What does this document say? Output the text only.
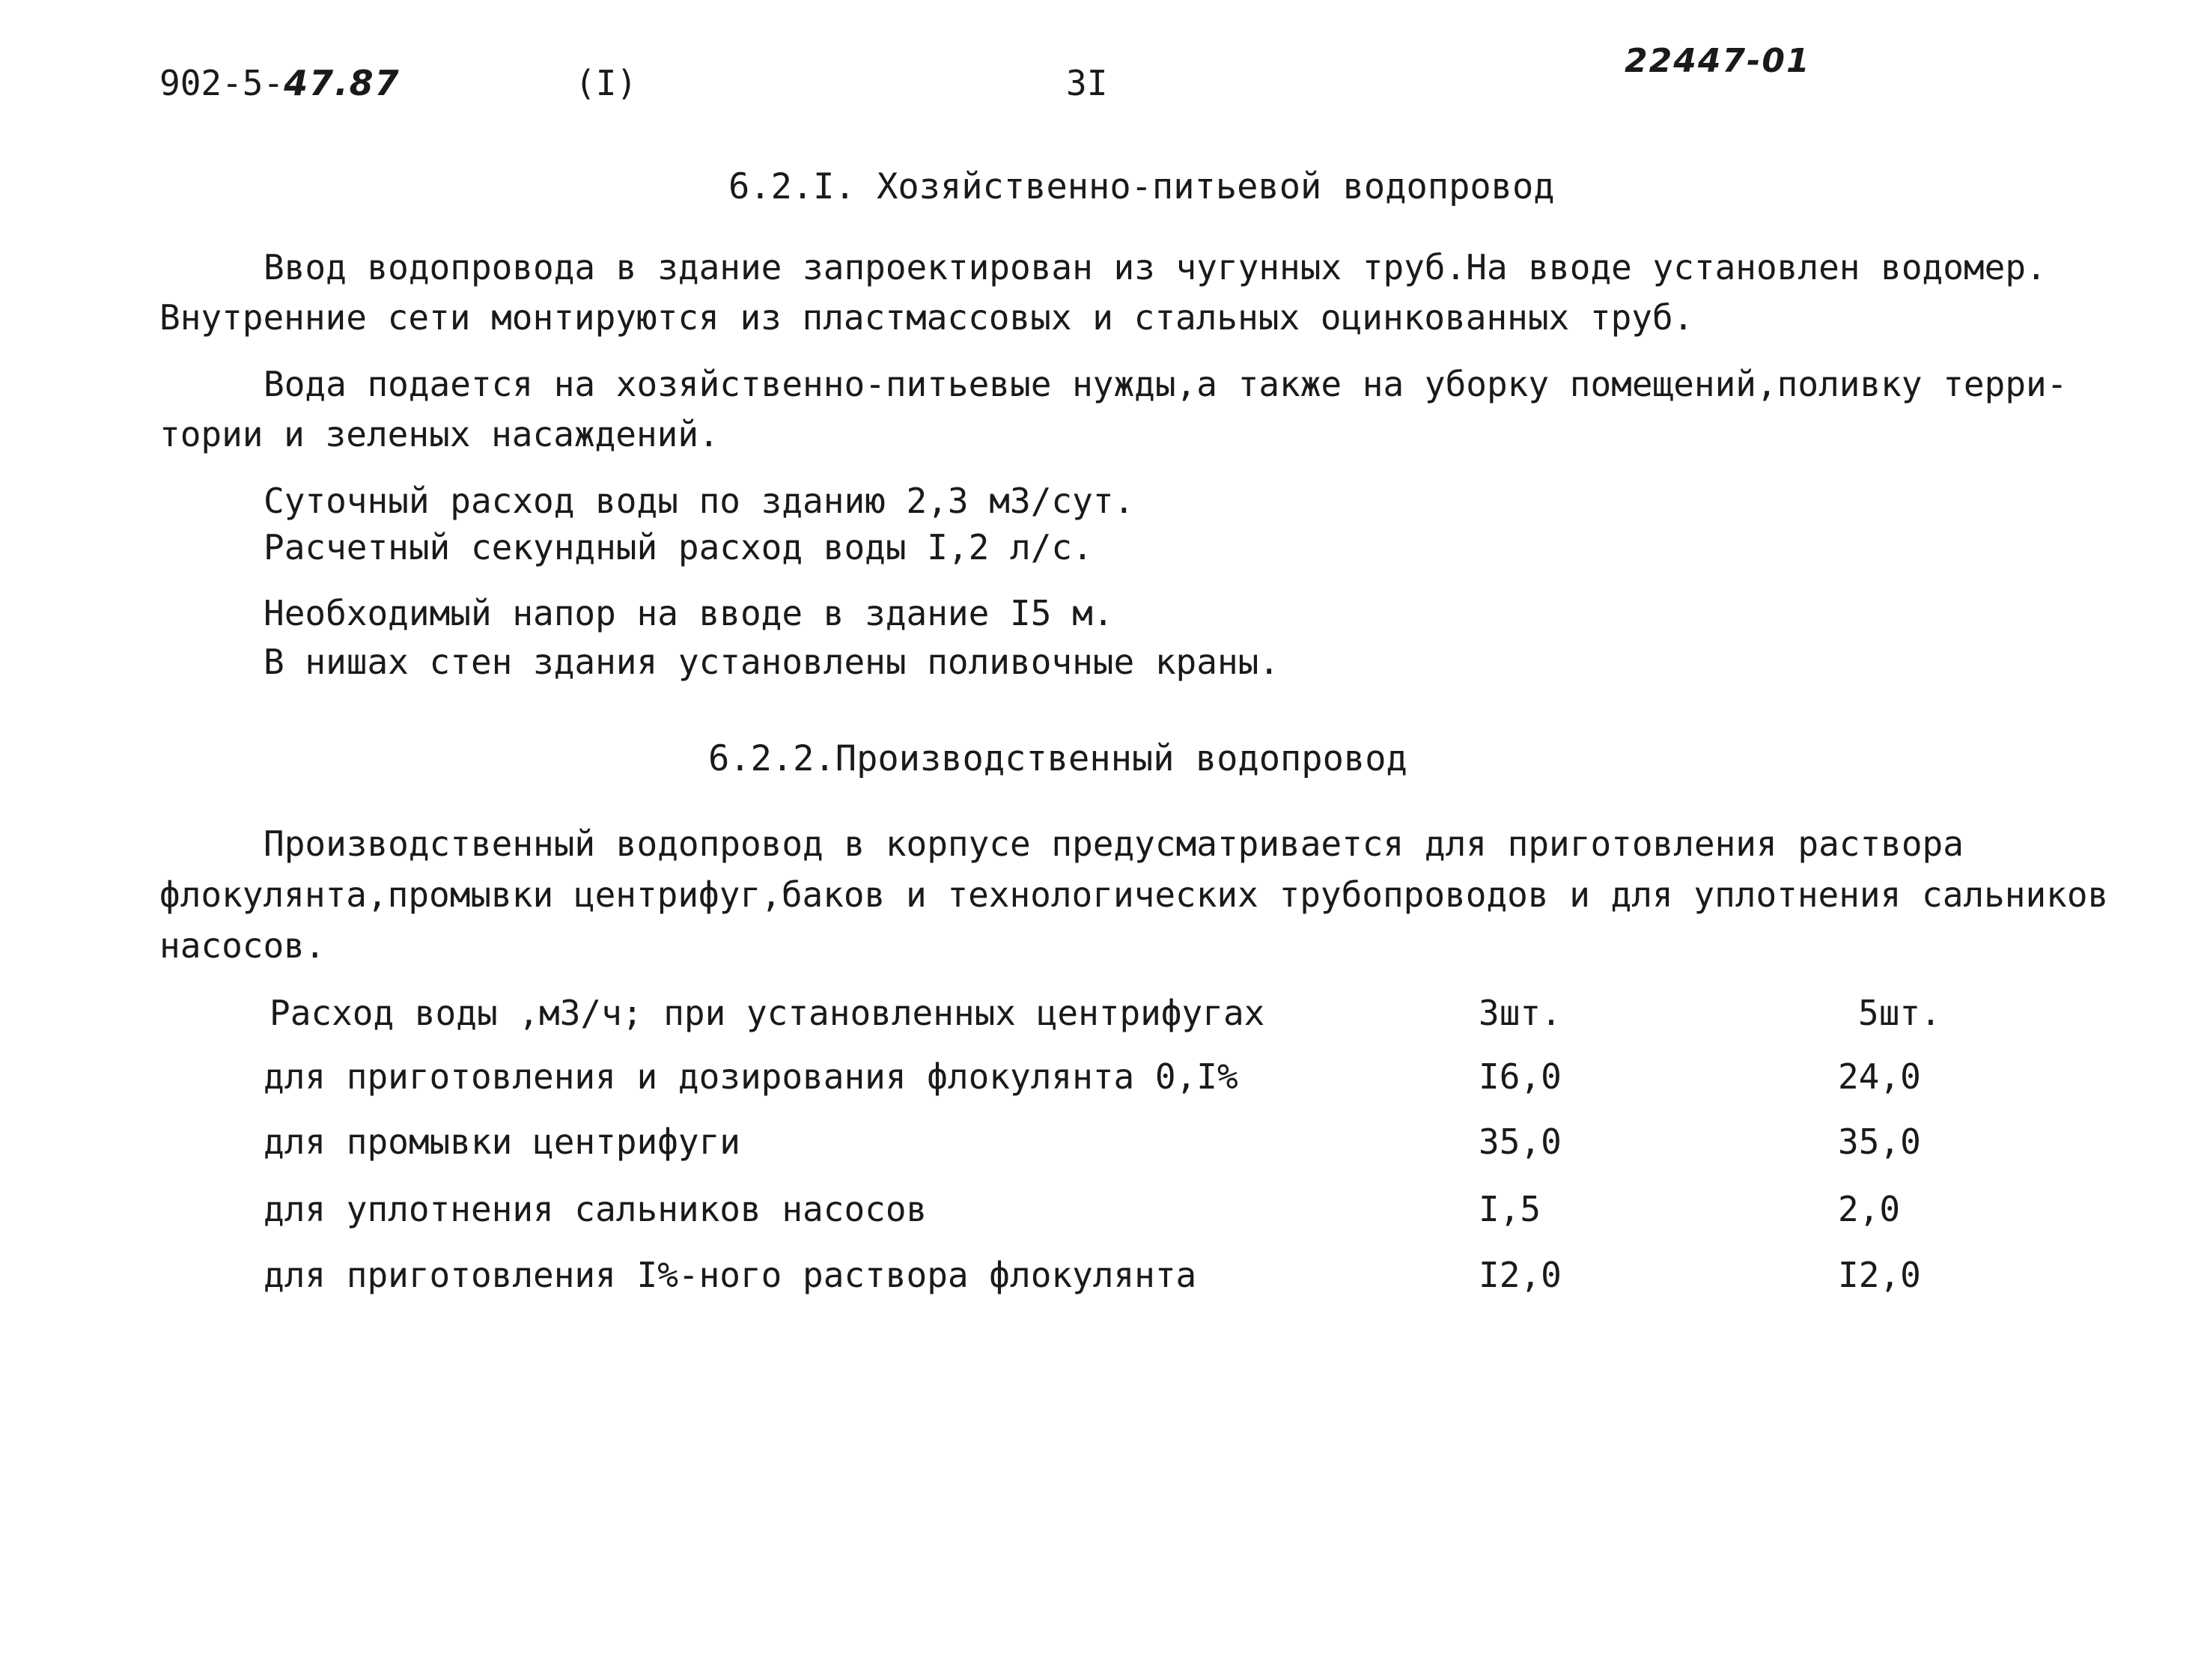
902-5-47.87	(I)	3I
22447-01
6.2.I. Хозяйственно-питьевой водопровод
Ввод водопровода в здание запроектирован из чугунных труб.На вводе установлен водомер.
Внутренние сети монтируются из пластмассовых и стальных оцинкованных труб.
Вода подается на хозяйственно-питьевые нужды,а также на уборку помещений,поливку терри-
тории и зеленых насаждений.
Суточный расход воды по зданию 2,3 м3/сут.
Расчетный секундный расход воды I,2 л/с.
Необходимый напор на вводе в здание I5 м.
В нишах стен здания установлены поливочные краны.
6.2.2.Производственный водопровод
Производственный водопровод в корпусе предусматривается для приготовления раствора
флокулянта,промывки центрифуг,баков и технологических трубопроводов и для уплотнения сальников
насосов.
Расход воды ,м3/ч; при установленных центрифугах	3шт.	5шт.
для приготовления и дозирования флокулянта 0,I%	I6,0	24,0
для промывки центрифуги	35,0	35,0
для уплотнения сальников насосов	I,5	2,0
для приготовления I%-ного раствора флокулянта	I2,0	I2,0
